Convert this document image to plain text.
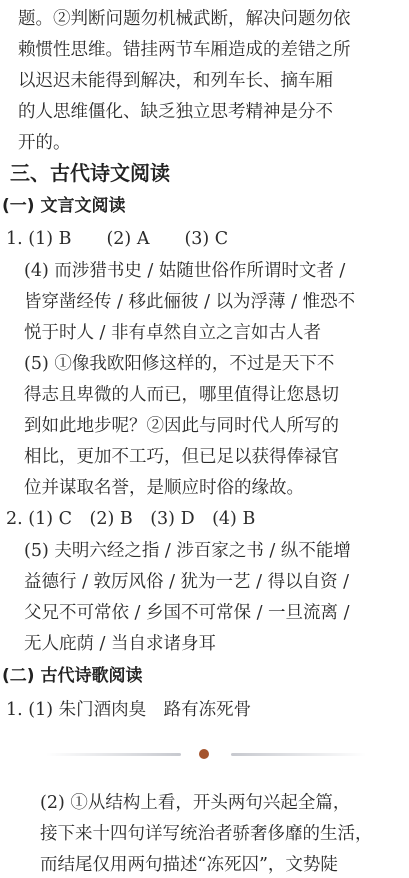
题。②判断问题勿机械武断，解决问题勿依
赖惯性思维。错挂两节车厢造成的差错之所
以迟迟未能得到解决，和列车长、摘车厢
的人思维僵化、缺乏独立思考精神是分不
开的。
三、古代诗文阅读
(一) 文言文阅读
1. (1) B　　(2) A　　(3) C
(4) 而涉猎书史 / 姑随世俗作所谓时文者 /
皆穿凿经传 / 移此俪彼 / 以为浮薄 / 惟恐不
悦于时人 / 非有卓然自立之言如古人者
(5) ①像我欧阳修这样的，不过是天下不
得志且卑微的人而已，哪里值得让您恳切
到如此地步呢？②因此与同时代人所写的
相比，更加不工巧，但已足以获得俸禄官
位并谋取名誉，是顺应时俗的缘故。
2. (1) C　(2) B　(3) D　(4) B
(5) 夫明六经之指 / 涉百家之书 / 纵不能增
益德行 / 敦厉风俗 / 犹为一艺 / 得以自资 /
父兄不可常依 / 乡国不可常保 / 一旦流离 /
无人庇荫 / 当自求诸身耳
(二) 古代诗歌阅读
1. (1) 朱门酒肉臭　路有冻死骨
(2) ①从结构上看，开头两句兴起全篇，
接下来十四句详写统治者骄奢侈靡的生活，
而结尾仅用两句描述“冻死囚”，文势陡
